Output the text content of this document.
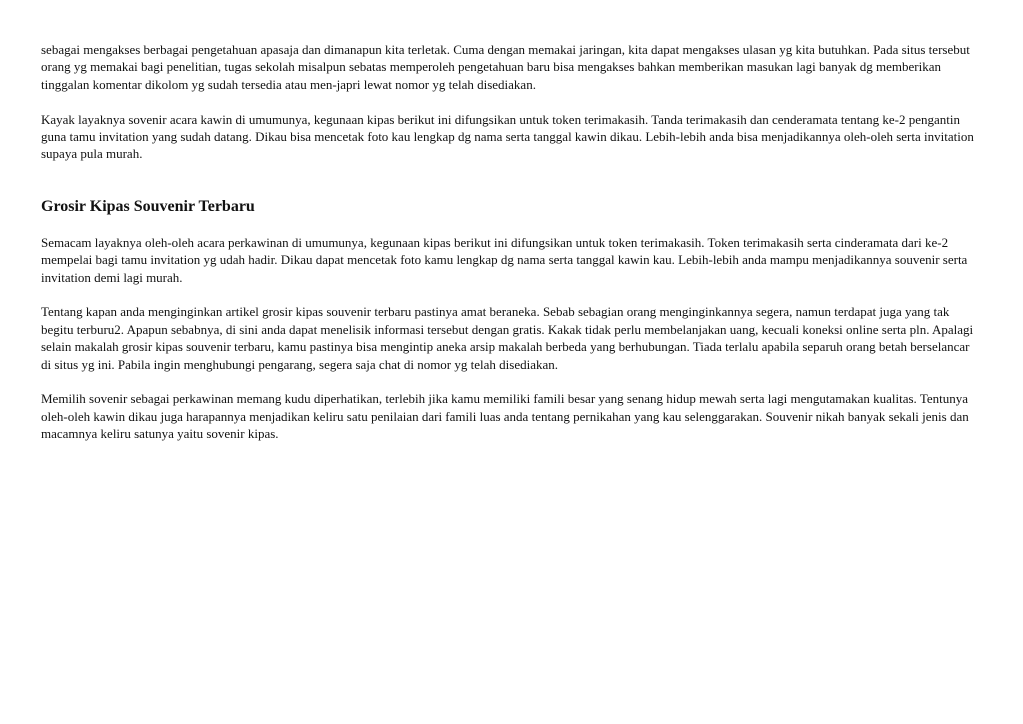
sebagai mengakses berbagai pengetahuan apasaja dan dimanapun kita terletak. Cuma dengan memakai jaringan, kita dapat mengakses ulasan yg kita butuhkan. Pada situs tersebut orang yg memakai bagi penelitian, tugas sekolah misalpun sebatas memperoleh pengetahuan baru bisa mengakses bahkan memberikan masukan lagi banyak dg memberikan tinggalan komentar dikolom yg sudah tersedia atau men-japri lewat nomor yg telah disediakan.

Kayak layaknya sovenir acara kawin di umumunya, kegunaan kipas berikut ini difungsikan untuk token terimakasih. Tanda terimakasih dan cenderamata tentang ke-2 pengantin guna tamu invitation yang sudah datang. Dikau bisa mencetak foto kau lengkap dg nama serta tanggal kawin dikau. Lebih-lebih anda bisa menjadikannya oleh-oleh serta invitation supaya pula murah.

Grosir Kipas Souvenir Terbaru

Semacam layaknya oleh-oleh acara perkawinan di umumunya, kegunaan kipas berikut ini difungsikan untuk token terimakasih. Token terimakasih serta cinderamata dari ke-2 mempelai bagi tamu invitation yg udah hadir. Dikau dapat mencetak foto kamu lengkap dg nama serta tanggal kawin kau. Lebih-lebih anda mampu menjadikannya souvenir serta invitation demi lagi murah.

Tentang kapan anda menginginkan artikel grosir kipas souvenir terbaru pastinya amat beraneka. Sebab sebagian orang menginginkannya segera, namun terdapat juga yang tak begitu terburu2. Apapun sebabnya, di sini anda dapat menelisik informasi tersebut dengan gratis. Kakak tidak perlu membelanjakan uang, kecuali koneksi online serta pln. Apalagi selain makalah grosir kipas souvenir terbaru, kamu pastinya bisa mengintip aneka arsip makalah berbeda yang berhubungan. Tiada terlalu apabila separuh orang betah berselancar di situs yg ini. Pabila ingin menghubungi pengarang, segera saja chat di nomor yg telah disediakan.

Memilih sovenir sebagai perkawinan memang kudu diperhatikan, terlebih jika kamu memiliki famili besar yang senang hidup mewah serta lagi mengutamakan kualitas. Tentunya oleh-oleh kawin dikau juga harapannya menjadikan keliru satu penilaian dari famili luas anda tentang pernikahan yang kau selenggarakan. Souvenir nikah banyak sekali jenis dan macamnya keliru satunya yaitu sovenir kipas.
